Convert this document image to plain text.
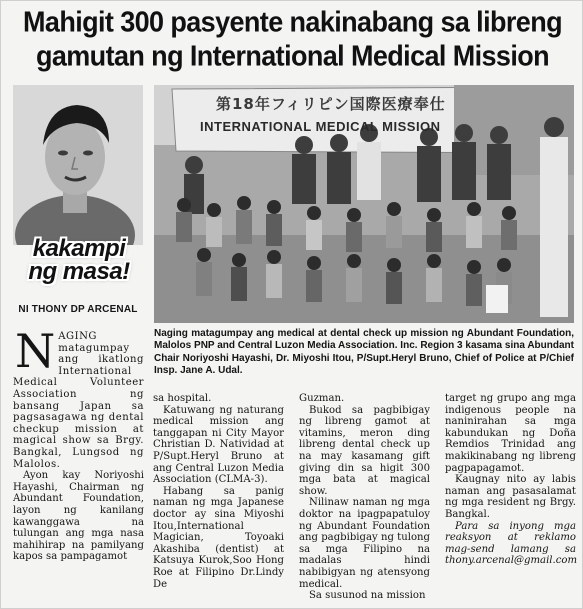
Mahigit 300 pasyente nakinabang sa libreng
gamutan ng International Medical Mission
kakampi
ng masa!
NI THONY DP ARCENAL
第18年フィリピン国際医療奉仕
INTERNATIONAL MEDICAL MISSION
Naging matagumpay ang medical at dental check up mission ng Abundant Foundation, Malolos PNP and Central Luzon Media Association. Inc. Region 3 kasama sina Abundant Chair Noriyoshi Hayashi, Dr. Miyoshi Itou, P/Supt.Heryl Bruno, Chief of Police at P/Chief Insp. Jane A. Udal.

NAGING matagumpay ang ikatlong International Medical Volunteer Association ng bansang Japan sa pagsasagawa ng dental checkup mission at magical show sa Brgy. Bangkal, Lungsod ng Malolos.

Ayon kay Noriyoshi Hayashi, Chairman ng Abundant Foundation, layon ng kanilang kawanggawa na tulungan ang mga nasa mahihirap na pamilyang kapos sa pampagamot

sa hospital.

Katuwang ng naturang medical mission ang tanggapan ni City Mayor Christian D. Natividad at P/Supt.Heryl Bruno at ang Central Luzon Media Association (CLMA-3).

Habang sa panig naman ng mga Japanese doctor ay sina Miyoshi Itou,International Magician, Toyoaki Akashiba (dentist) at Katsuya Kurok,Soo Hong Roe at Filipino Dr.Lindy De

Guzman.

Bukod sa pagbibigay ng libreng gamot at vitamins, meron ding libreng dental check up na may kasamang gift giving din sa higit 300 mga bata at magical show.

Nilinaw naman ng mga doktor na ipagpapatuloy ng Abundant Foundation ang pagbibigay ng tulong sa mga Filipino na madalas hindi nabibigyan ng atensyong medical.

Sa susunod na mission

target ng grupo ang mga indigenous people na naninirahan sa mga kabundukan ng Doña Remdios Trinidad ang makikinabang ng libreng pagpapagamot.

Kaugnay nito ay labis naman ang pasasalamat ng mga resident ng Brgy. Bangkal.

Para sa inyong mga reaksyon at reklamo mag-send lamang sa thony.arcenal@gmail.com
